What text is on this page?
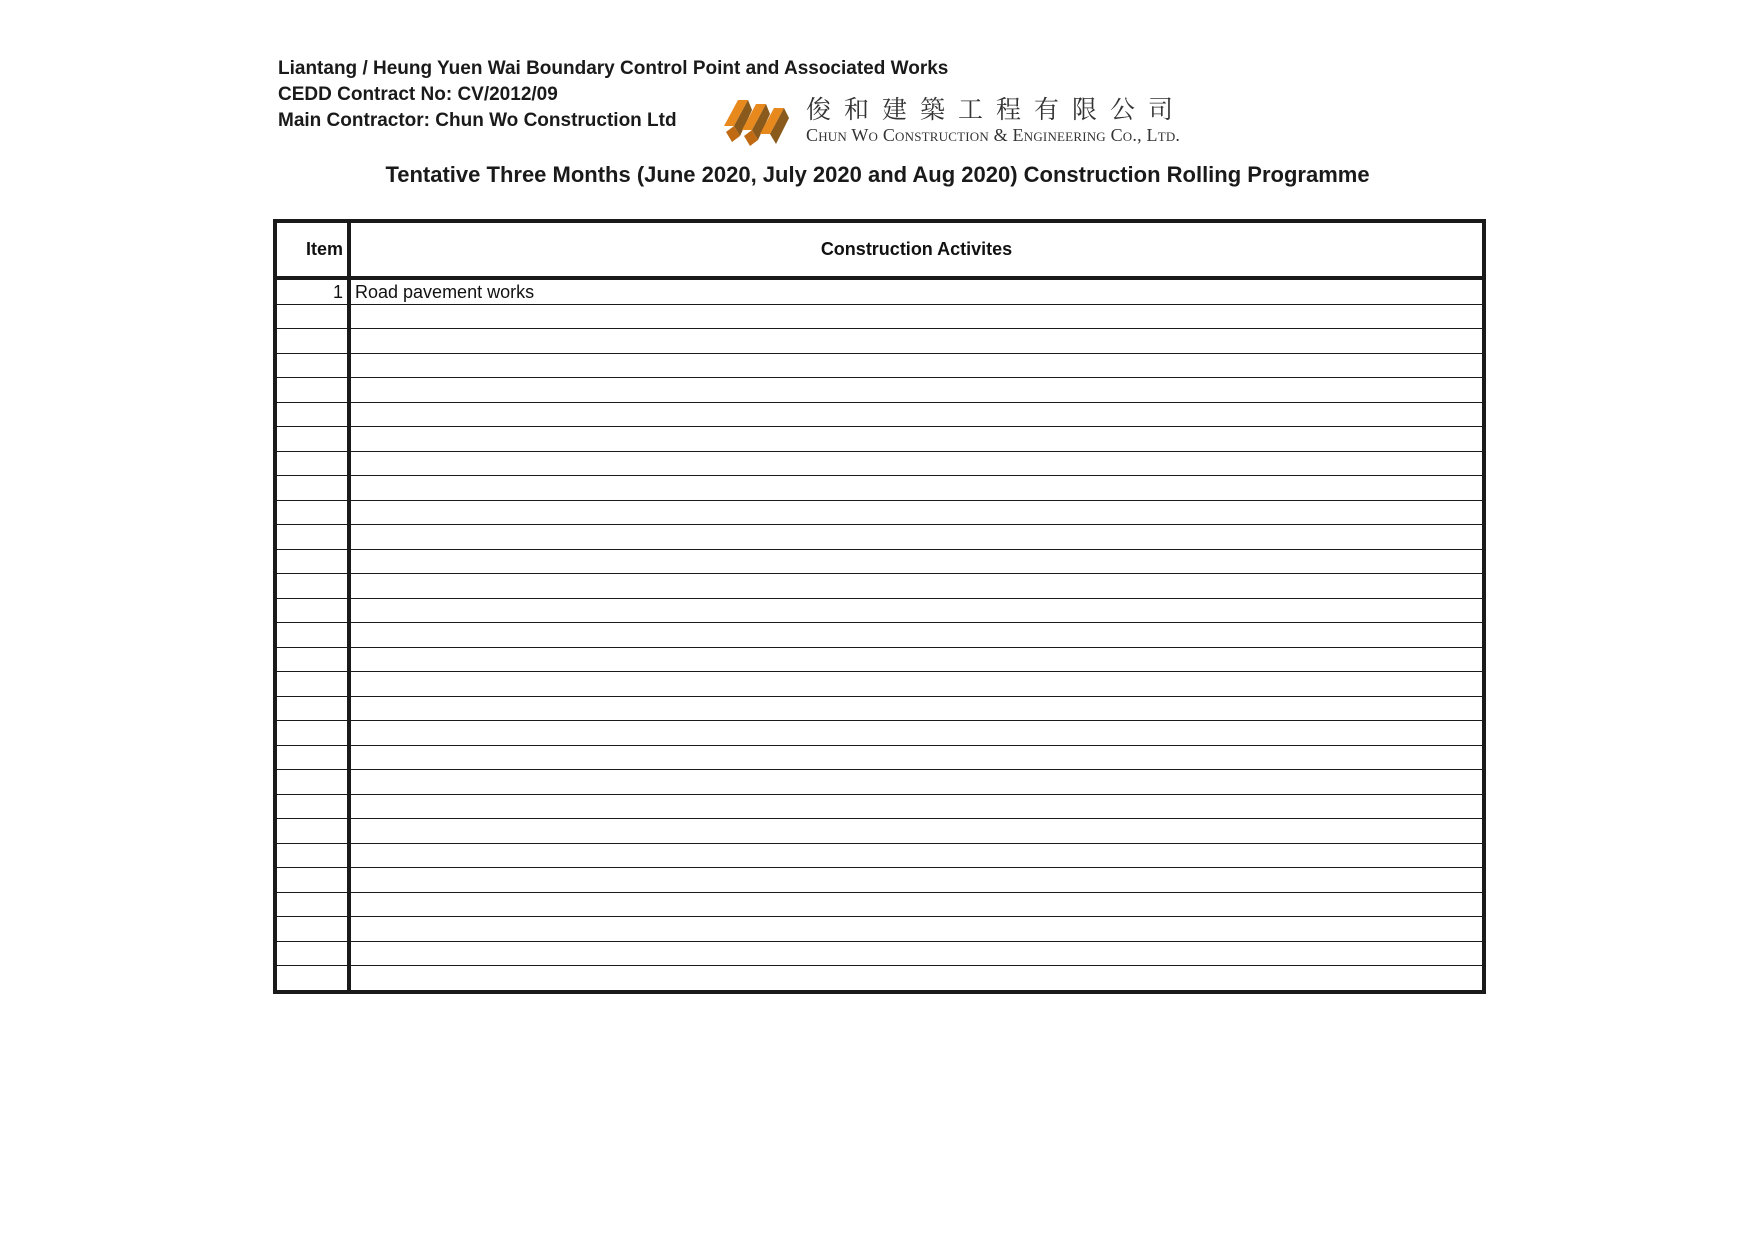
Liantang / Heung Yuen Wai Boundary Control Point and Associated Works
CEDD Contract No: CV/2012/09
Main Contractor: Chun Wo Construction Ltd	俊和建築工程有限公司
Chun Wo Construction & Engineering Co., Ltd.
Tentative Three Months (June 2020, July 2020 and Aug 2020) Construction Rolling Programme
Item	Construction Activites
1	Road pavement works
